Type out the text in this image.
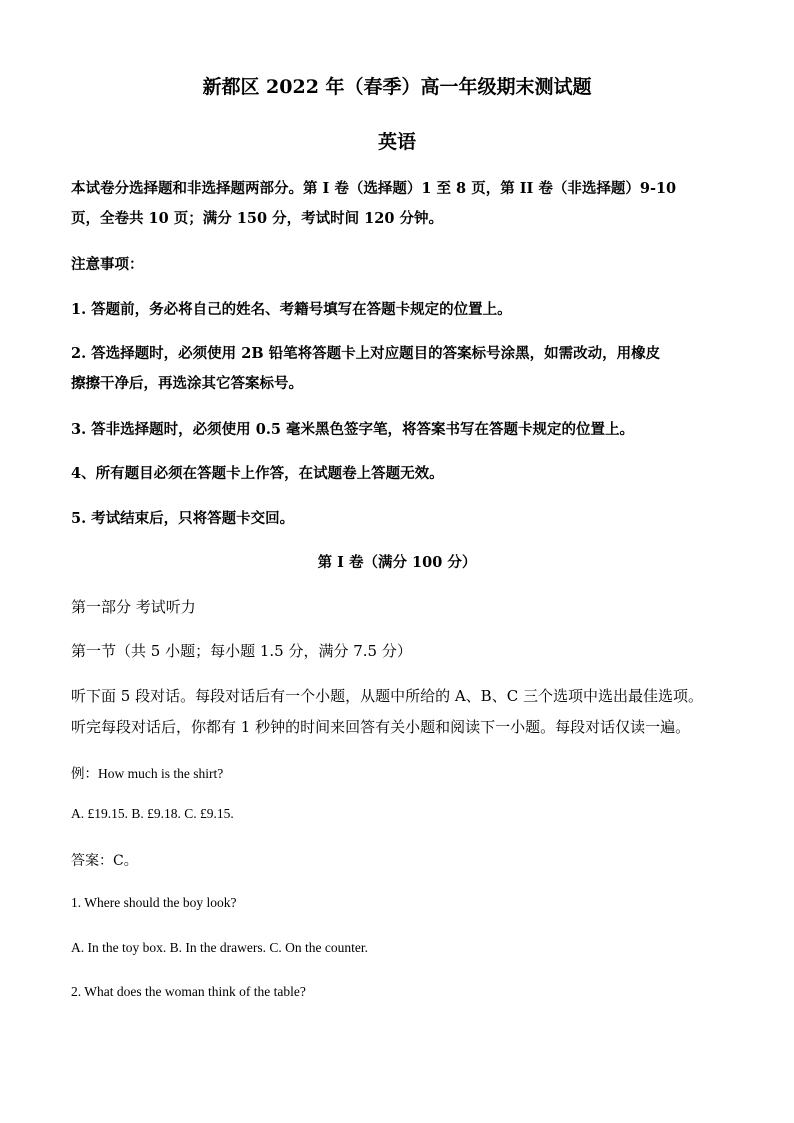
新都区 2022 年（春季）高一年级期末测试题
英语
本试卷分选择题和非选择题两部分。第 I 卷（选择题）1 至 8 页，第 II 卷（非选择题）9-10
页，全卷共 10 页；满分 150 分，考试时间 120 分钟。
注意事项：
1. 答题前，务必将自己的姓名、考籍号填写在答题卡规定的位置上。
2. 答选择题时，必须使用 2B 铅笔将答题卡上对应题目的答案标号涂黑，如需改动，用橡皮
擦擦干净后，再选涂其它答案标号。
3. 答非选择题时，必须使用 0.5 毫米黑色签字笔，将答案书写在答题卡规定的位置上。
4、所有题目必须在答题卡上作答，在试题卷上答题无效。
5. 考试结束后，只将答题卡交回。
第 I 卷（满分 100 分）
第一部分 考试听力
第一节（共 5 小题；每小题 1.5 分，满分 7.5 分）
听下面 5 段对话。每段对话后有一个小题，从题中所给的 A、B、C 三个选项中选出最佳选项。
听完每段对话后，你都有 1 秒钟的时间来回答有关小题和阅读下一小题。每段对话仅读一遍。
例：How much is the shirt?
A. £19.15. B. £9.18. C. £9.15.
答案：C。
1. Where should the boy look?
A. In the toy box. B. In the drawers. C. On the counter.
2. What does the woman think of the table?
